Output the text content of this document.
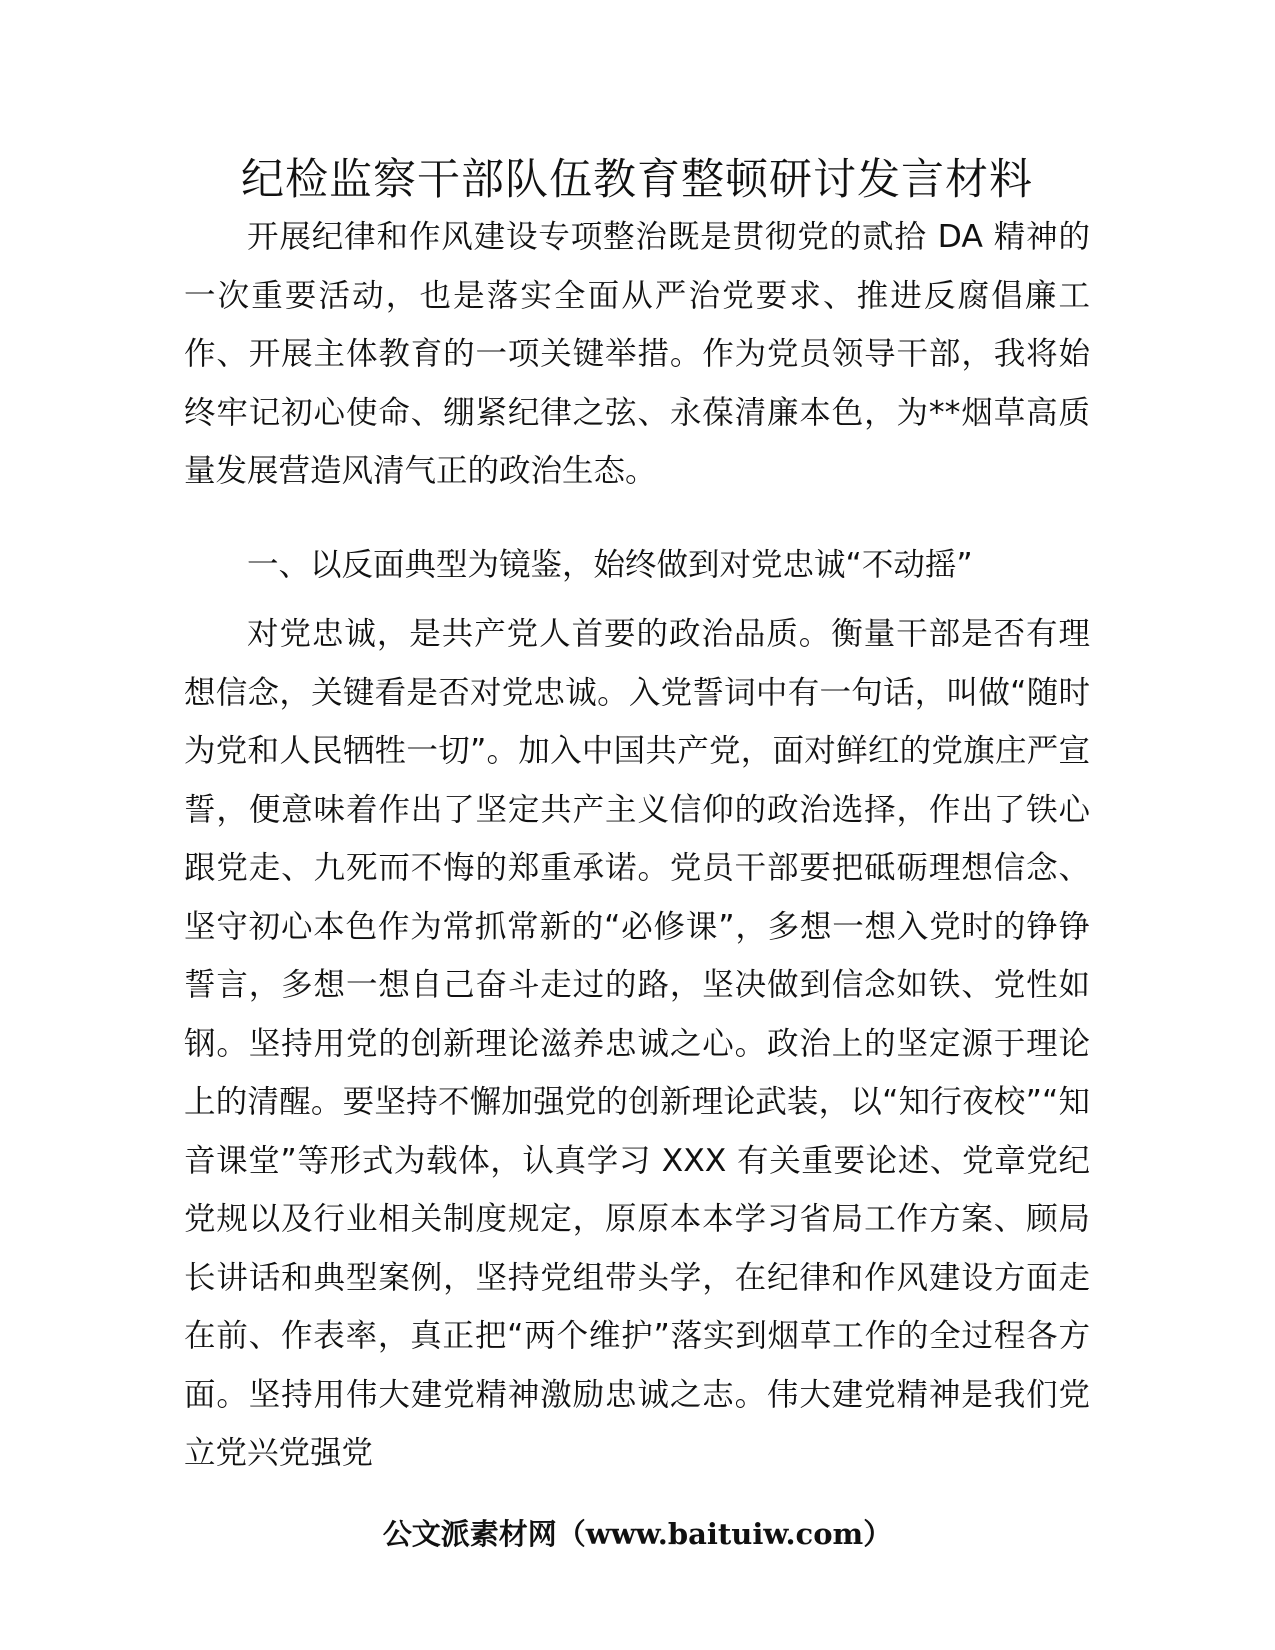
纪检监察干部队伍教育整顿研讨发言材料

开展纪律和作风建设专项整治既是贯彻党的贰拾 DA 精神的一次重要活动，也是落实全面从严治党要求、推进反腐倡廉工作、开展主体教育的一项关键举措。作为党员领导干部，我将始终牢记初心使命、绷紧纪律之弦、永葆清廉本色，为**烟草高质量发展营造风清气正的政治生态。

一、以反面典型为镜鉴，始终做到对党忠诚“不动摇”

对党忠诚，是共产党人首要的政治品质。衡量干部是否有理想信念，关键看是否对党忠诚。入党誓词中有一句话，叫做“随时为党和人民牺牲一切”。加入中国共产党，面对鲜红的党旗庄严宣誓，便意味着作出了坚定共产主义信仰的政治选择，作出了铁心跟党走、九死而不悔的郑重承诺。党员干部要把砥砺理想信念、坚守初心本色作为常抓常新的“必修课”，多想一想入党时的铮铮誓言，多想一想自己奋斗走过的路，坚决做到信念如铁、党性如钢。坚持用党的创新理论滋养忠诚之心。政治上的坚定源于理论上的清醒。要坚持不懈加强党的创新理论武装，以“知行夜校”“知音课堂”等形式为载体，认真学习 XXX 有关重要论述、党章党纪党规以及行业相关制度规定，原原本本学习省局工作方案、顾局长讲话和典型案例，坚持党组带头学，在纪律和作风建设方面走在前、作表率，真正把“两个维护”落实到烟草工作的全过程各方面。坚持用伟大建党精神激励忠诚之志。伟大建党精神是我们党立党兴党强党

公文派素材网（www.baituiw.com）
